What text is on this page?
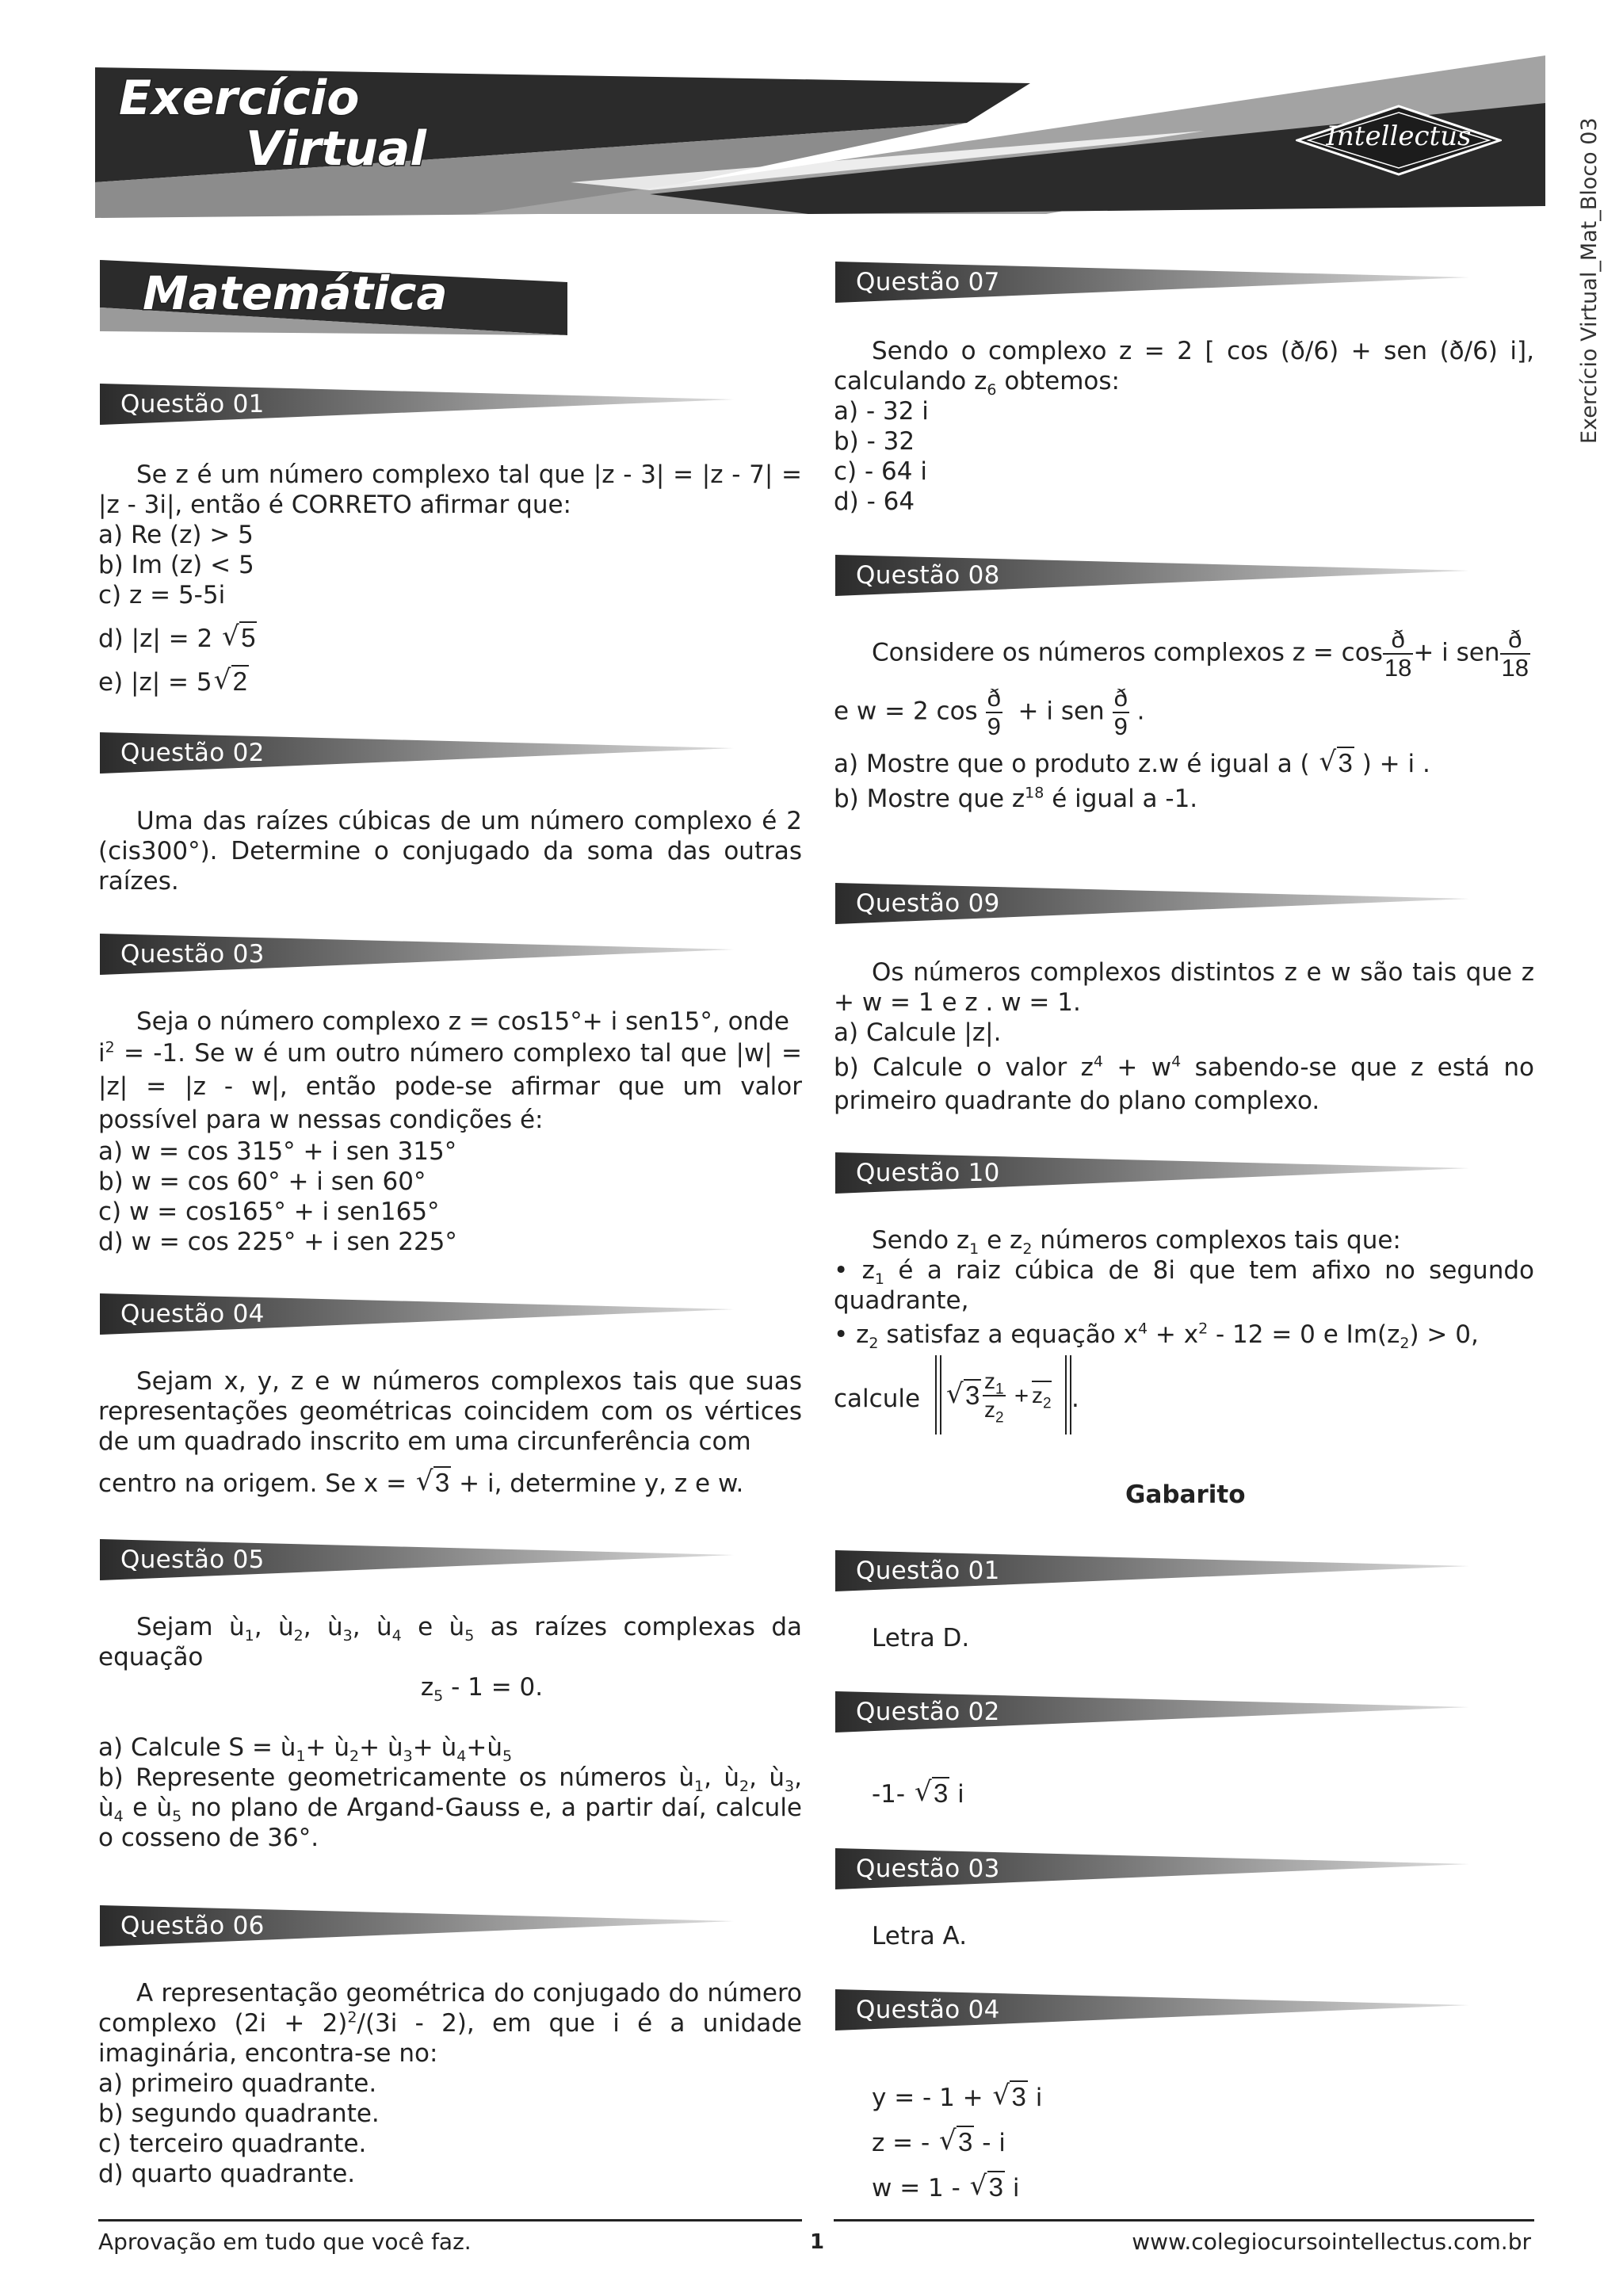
Exercício
Virtual	Intellectus	Exercício Virtual_Mat_Bloco 03
Matemática
Questão 01

Se z é um número complexo tal que |z - 3| = |z - 7| = |z - 3i|, então é CORRETO afirmar que:

a) Re (z) > 5

b) Im (z) < 5

c) z = 5-5i

d) |z| = 2 √ 5

e) |z| = 5 √ 2

Questão 02

Uma das raízes cúbicas de um número complexo é 2 (cis300°). Determine o conjugado da soma das outras raízes.

Questão 03

Seja o número complexo z = cos15°+ i sen15°, onde

$i^2 = -1$. Se w é um outro número complexo tal que |w| = |z| = |z - w|, então pode-se afirmar que um valor possível para w nessas condições é:

a) w = cos 315° + i sen 315°

b) w = cos 60° + i sen 60°

c) w = cos165° + i sen165°

d) w = cos 225° + i sen 225°

Questão 04

Sejam x, y, z e w números complexos tais que suas representações geométricas coincidem com os vértices de um quadrado inscrito em uma circunferência com

centro na origem. Se x = √ 3 + i, determine y, z e w.

Questão 05

Sejam $ù_1$, $ù_2$, $ù_3$, $ù_4$ e $ù_5$ as raízes complexas da equação

$z_5 - 1 = 0$.

a) Calcule $S = ù_1+$ $ù_2+$ $ù_3+$ $ù_4+ù_5$

b) Represente geometricamente os números $ù_1$, $ù_2$, $ù_3$, $ù_4$ e $ù_5$ no plano de Argand-Gauss e, a partir daí, calcule o cosseno de 36°.

Questão 06

A representação geométrica do conjugado do número complexo $(2i + 2)^2/(3i - 2)$, em que i é a unidade imaginária, encontra-se no:

a) primeiro quadrante.

b) segundo quadrante.

c) terceiro quadrante.

d) quarto quadrante.

Questão 07

Sendo o complexo z = 2 [ cos (ð/6) + sen (ð/6) i], calculando $z_6$ obtemos:

a) - 32 i

b) - 32

c) - 64 i

d) - 64

Questão 08

Considere os números complexos $z = \cos \frac{ð}{18} + i$ sen $\frac{ð}{18}$

e w = 2 $\cos \frac{ð}{9} + i$ sen $\frac{ð}{9}$ .

a) Mostre que o produto z.w é igual a ( √ 3 ) + i .

b) Mostre que $z^{18}$ é igual a -1.

Questão 09

Os números complexos distintos z e w são tais que z + w = 1 e z . w = 1.

a) Calcule |z|.

b) Calcule o valor $z^4 + w^4$ sabendo-se que z está no primeiro quadrante do plano complexo.

Questão 10

Sendo $z_1$ e $z_2$ números complexos tais que:

• $z_1$ é a raiz cúbica de 8i que tem afixo no segundo quadrante,

• $z_2$ satisfaz a equação $x^4 + x^2 - 12 = 0$ e $Im(z_2) > 0$,

calcule √ $3 \frac{z_1}{z_2} + z_2$ .
Gabarito
Questão 01
Letra D.
Questão 02
-1- √ 3 i
Questão 03
Letra A.
Questão 04

y = - 1 + √ 3 i

z = - √ 3 - i

w = 1 - √ 3 i

Aprovação em tudo que você faz.	1	www.colegiocursointellectus.com.br
